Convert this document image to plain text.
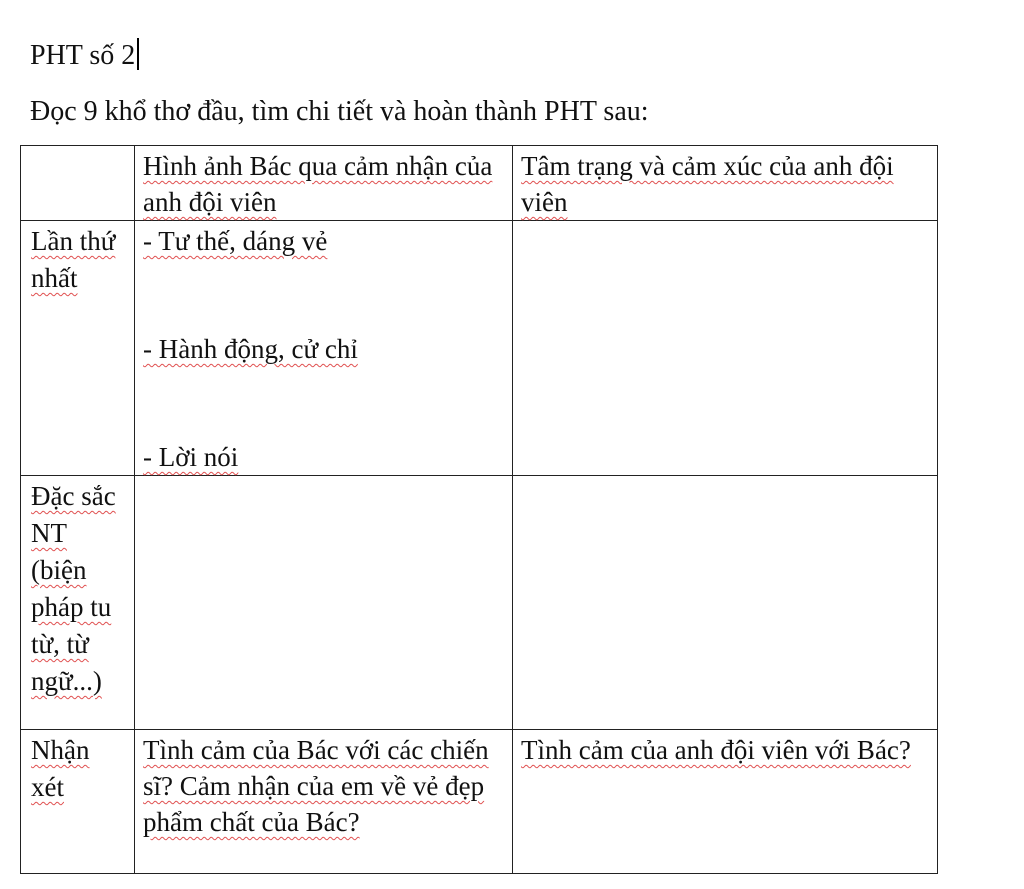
PHT số 2
Đọc 9 khổ thơ đầu, tìm chi tiết và hoàn thành PHT sau:
	Hình ảnh Bác qua cảm nhận của anh đội viên	Tâm trạng và cảm xúc của anh đội viên
Lần thứ nhất	- Tư thế, dáng vẻ
- Hành động, cử chỉ
- Lời nói	

Đặc sắc NT (biện pháp tu từ, từ ngữ...)		
Nhận xét	Tình cảm của Bác với các chiến sĩ? Cảm nhận của em về vẻ đẹp phẩm chất của Bác?	Tình cảm của anh đội viên với Bác?
